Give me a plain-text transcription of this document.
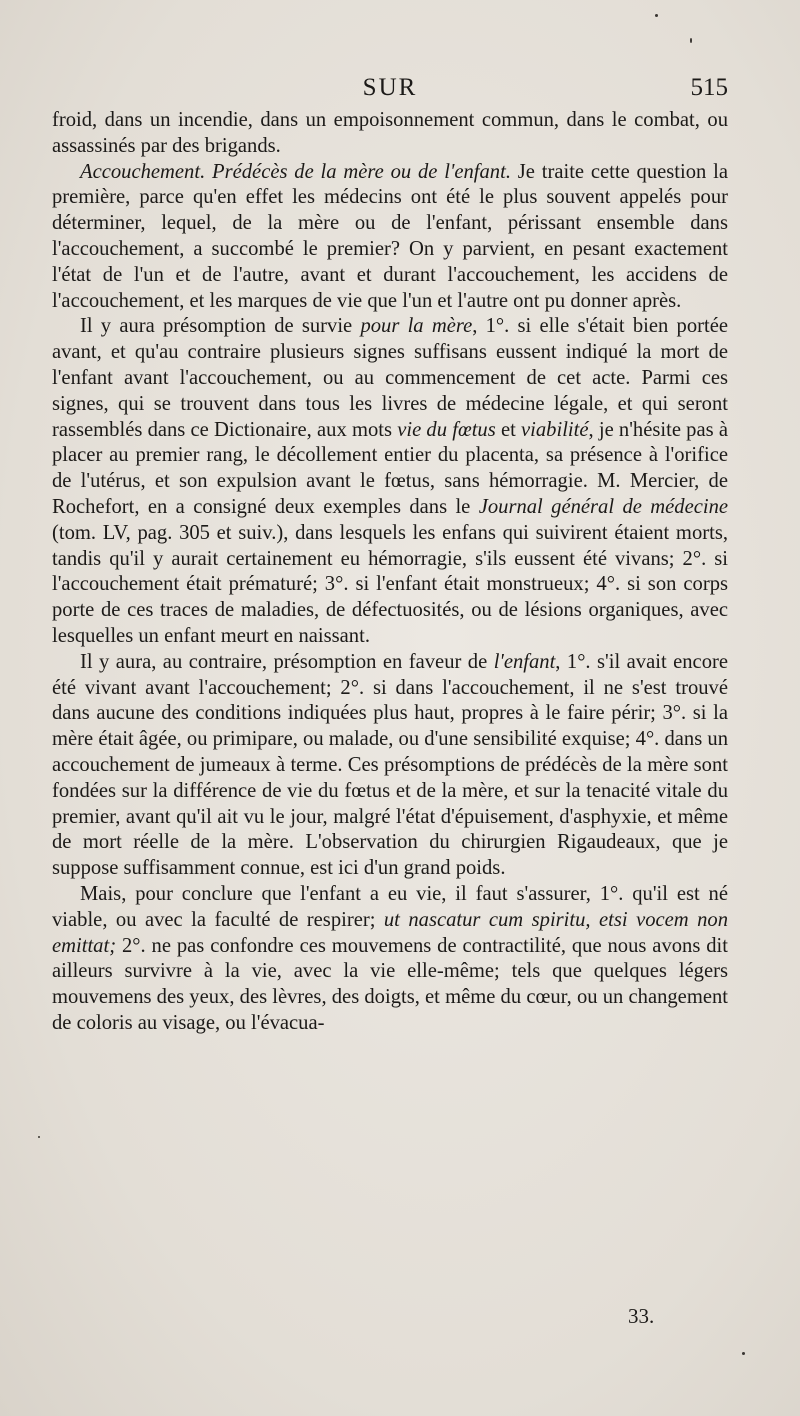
SUR	515

froid, dans un incendie, dans un empoisonnement commun, dans le combat, ou assassinés par des brigands.

Accouchement. Prédécès de la mère ou de l'enfant. Je traite cette question la première, parce qu'en effet les médecins ont été le plus souvent appelés pour déterminer, lequel, de la mère ou de l'enfant, périssant ensemble dans l'accouchement, a succombé le premier? On y parvient, en pesant exactement l'état de l'un et de l'autre, avant et durant l'accouchement, les accidens de l'accouchement, et les marques de vie que l'un et l'autre ont pu donner après.

Il y aura présomption de survie pour la mère, 1°. si elle s'était bien portée avant, et qu'au contraire plusieurs signes suffisans eussent indiqué la mort de l'enfant avant l'accouchement, ou au commencement de cet acte. Parmi ces signes, qui se trouvent dans tous les livres de médecine légale, et qui seront rassemblés dans ce Dictionaire, aux mots vie du fœtus et viabilité, je n'hésite pas à placer au premier rang, le décollement entier du placenta, sa présence à l'orifice de l'utérus, et son expulsion avant le fœtus, sans hémorragie. M. Mercier, de Rochefort, en a consigné deux exemples dans le Journal général de médecine (tom. LV, pag. 305 et suiv.), dans lesquels les enfans qui suivirent étaient morts, tandis qu'il y aurait certainement eu hémorragie, s'ils eussent été vivans; 2°. si l'accouchement était prématuré; 3°. si l'enfant était monstrueux; 4°. si son corps porte de ces traces de maladies, de défectuosités, ou de lésions organiques, avec lesquelles un enfant meurt en naissant.

Il y aura, au contraire, présomption en faveur de l'enfant, 1°. s'il avait encore été vivant avant l'accouchement; 2°. si dans l'accouchement, il ne s'est trouvé dans aucune des conditions indiquées plus haut, propres à le faire périr; 3°. si la mère était âgée, ou primipare, ou malade, ou d'une sensibilité exquise; 4°. dans un accouchement de jumeaux à terme. Ces présomptions de prédécès de la mère sont fondées sur la différence de vie du fœtus et de la mère, et sur la tenacité vitale du premier, avant qu'il ait vu le jour, malgré l'état d'épuisement, d'asphyxie, et même de mort réelle de la mère. L'observation du chirurgien Rigaudeaux, que je suppose suffisamment connue, est ici d'un grand poids.

Mais, pour conclure que l'enfant a eu vie, il faut s'assurer, 1°. qu'il est né viable, ou avec la faculté de respirer; ut nascatur cum spiritu, etsi vocem non emittat; 2°. ne pas confondre ces mouvemens de contractilité, que nous avons dit ailleurs survivre à la vie, avec la vie elle-même; tels que quelques légers mouvemens des yeux, des lèvres, des doigts, et même du cœur, ou un changement de coloris au visage, ou l'évacua-

33.
